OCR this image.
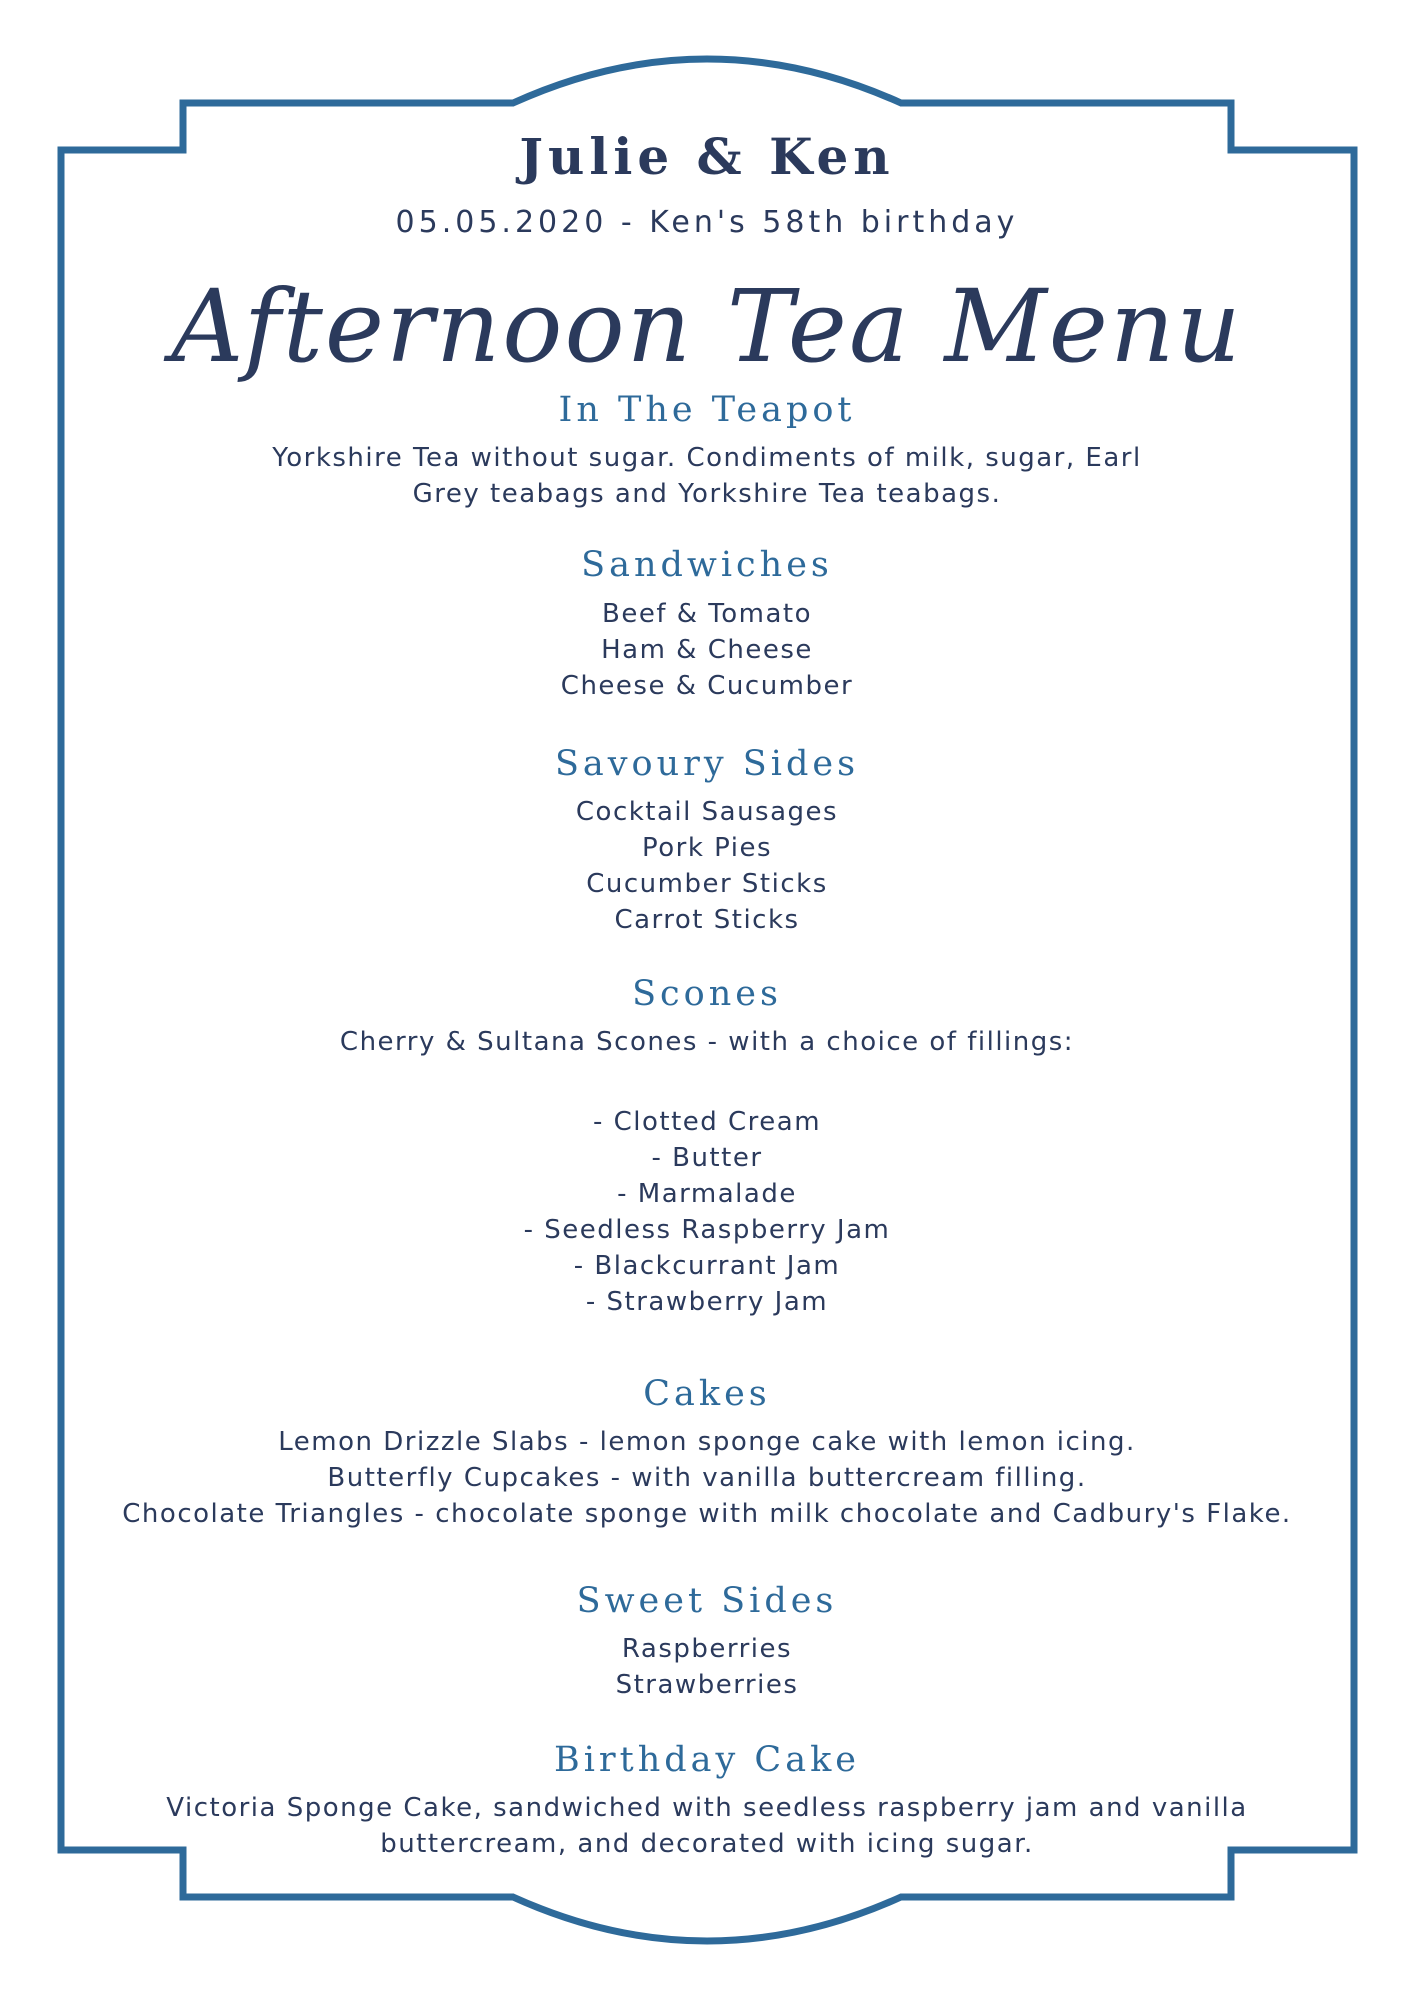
Julie & Ken
05.05.2020 - Ken's 58th birthday
Afternoon Tea Menu
In The Teapot
Yorkshire Tea without sugar. Condiments of milk, sugar, Earl
Grey teabags and Yorkshire Tea teabags.
Sandwiches
Beef & Tomato
Ham & Cheese
Cheese & Cucumber
Savoury Sides
Cocktail Sausages
Pork Pies
Cucumber Sticks
Carrot Sticks
Scones
Cherry & Sultana Scones - with a choice of fillings:
- Clotted Cream
- Butter
- Marmalade
- Seedless Raspberry Jam
- Blackcurrant Jam
- Strawberry Jam
Cakes
Lemon Drizzle Slabs - lemon sponge cake with lemon icing.
Butterfly Cupcakes - with vanilla buttercream filling.
Chocolate Triangles - chocolate sponge with milk chocolate and Cadbury's Flake.
Sweet Sides
Raspberries
Strawberries
Birthday Cake
Victoria Sponge Cake, sandwiched with seedless raspberry jam and vanilla
buttercream, and decorated with icing sugar.
